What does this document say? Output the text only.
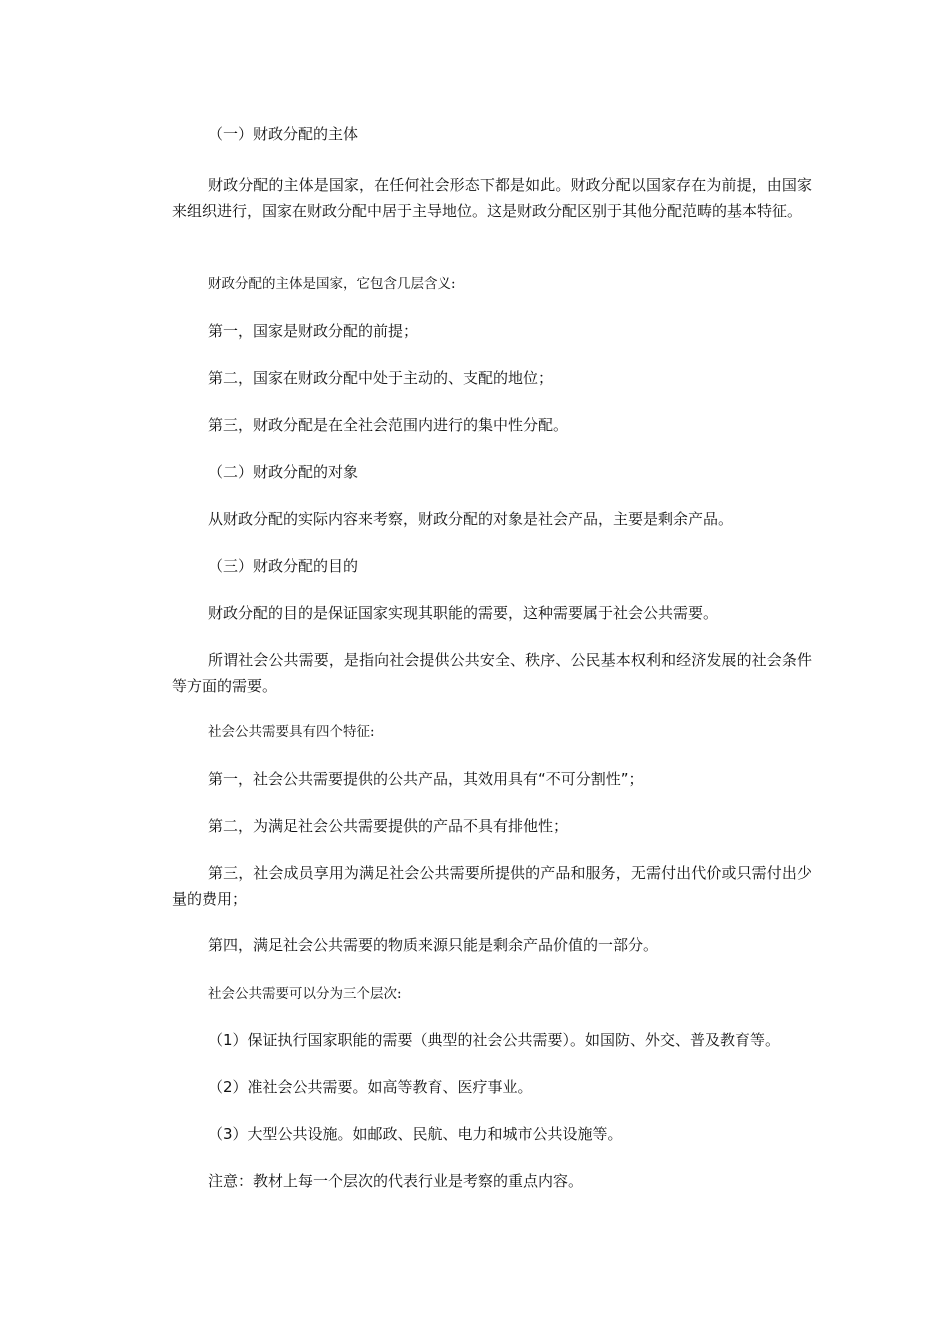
（一）财政分配的主体

财政分配的主体是国家，在任何社会形态下都是如此。财政分配以国家存在为前提，由国家来组织进行，国家在财政分配中居于主导地位。这是财政分配区别于其他分配范畴的基本特征。

财政分配的主体是国家，它包含几层含义:

第一，国家是财政分配的前提；

第二，国家在财政分配中处于主动的、支配的地位；

第三，财政分配是在全社会范围内进行的集中性分配。

（二）财政分配的对象

从财政分配的实际内容来考察，财政分配的对象是社会产品，主要是剩余产品。

（三）财政分配的目的

财政分配的目的是保证国家实现其职能的需要，这种需要属于社会公共需要。

所谓社会公共需要，是指向社会提供公共安全、秩序、公民基本权利和经济发展的社会条件等方面的需要。

社会公共需要具有四个特征:

第一，社会公共需要提供的公共产品，其效用具有“不可分割性”；

第二，为满足社会公共需要提供的产品不具有排他性；

第三，社会成员享用为满足社会公共需要所提供的产品和服务，无需付出代价或只需付出少量的费用；

第四，满足社会公共需要的物质来源只能是剩余产品价值的一部分。

社会公共需要可以分为三个层次:

（1）保证执行国家职能的需要（典型的社会公共需要）。如国防、外交、普及教育等。

（2）准社会公共需要。如高等教育、医疗事业。

（3）大型公共设施。如邮政、民航、电力和城市公共设施等。

注意：教材上每一个层次的代表行业是考察的重点内容。
